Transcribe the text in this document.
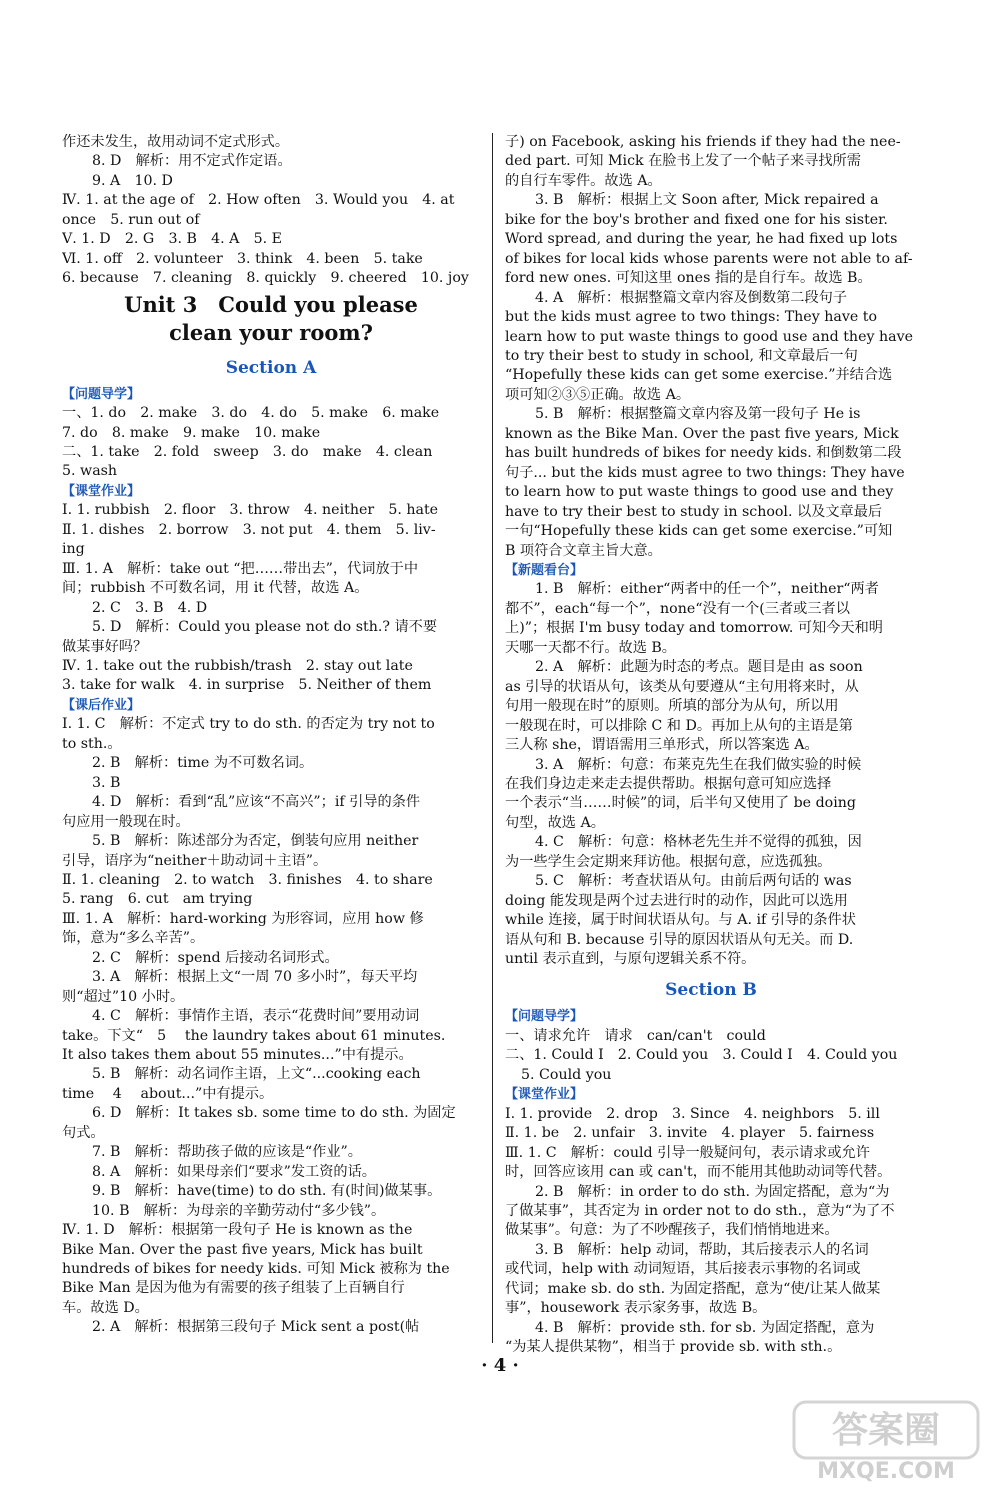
作还未发生，故用动词不定式形式。
8. D　解析：用不定式作定语。
9. A　10. D
Ⅳ. 1. at the age of　2. How often　3. Would you　4. at
once　5. run out of
Ⅴ. 1. D　2. G　3. B　4. A　5. E
Ⅵ. 1. off　2. volunteer　3. think　4. been　5. take
6. because　7. cleaning　8. quickly　9. cheered　10. joy
Unit 3　Could you please
clean your room?
Section A
【问题导学】
一、1. do　2. make　3. do　4. do　5. make　6. make
7. do　8. make　9. make　10. make
二、1. take　2. fold　sweep　3. do　make　4. clean
5. wash
【课堂作业】
Ⅰ. 1. rubbish　2. floor　3. throw　4. neither　5. hate
Ⅱ. 1. dishes　2. borrow　3. not put　4. them　5. liv-
ing
Ⅲ. 1. A　解析：take out “把……带出去”，代词放于中
间；rubbish 不可数名词，用 it 代替，故选 A。
2. C　3. B　4. D
5. D　解析：Could you please not do sth.? 请不要
做某事好吗？
Ⅳ. 1. take out the rubbish/trash　2. stay out late
3. take for walk　4. in surprise　5. Neither of them
【课后作业】
Ⅰ. 1. C　解析：不定式 try to do sth. 的否定为 try not to
to sth.。
2. B　解析：time 为不可数名词。
3. B
4. D　解析：看到“乱”应该“不高兴”；if 引导的条件
句应用一般现在时。
5. B　解析：陈述部分为否定，倒装句应用 neither
引导，语序为“neither＋助动词＋主语”。
Ⅱ. 1. cleaning　2. to watch　3. finishes　4. to share
5. rang　6. cut　am trying
Ⅲ. 1. A　解析：hard-working 为形容词，应用 how 修
饰，意为“多么辛苦”。
2. C　解析：spend 后接动名词形式。
3. A　解析：根据上文“一周 70 多小时”，每天平均
则“超过”10 小时。
4. C　解析：事情作主语，表示“花费时间”要用动词
take。下文“　5　 the laundry takes about 61 minutes.
It also takes them about 55 minutes...”中有提示。
5. B　解析：动名词作主语，上文“...cooking each
time　 4 　about...”中有提示。
6. D　解析：It takes sb. some time to do sth. 为固定
句式。
7. B　解析：帮助孩子做的应该是“作业”。
8. A　解析：如果母亲们“要求”发工资的话。
9. B　解析：have(time) to do sth. 有(时间)做某事。
10. B　解析：为母亲的辛勤劳动付“多少钱”。
Ⅳ. 1. D　解析：根据第一段句子 He is known as the
Bike Man. Over the past five years, Mick has built
hundreds of bikes for needy kids. 可知 Mick 被称为 the
Bike Man 是因为他为有需要的孩子组装了上百辆自行
车。故选 D。
2. A　解析：根据第三段句子 Mick sent a post(帖
子) on Facebook, asking his friends if they had the nee-
ded part. 可知 Mick 在脸书上发了一个帖子来寻找所需
的自行车零件。故选 A。
3. B　解析：根据上文 Soon after, Mick repaired a
bike for the boy's brother and fixed one for his sister.
Word spread, and during the year, he had fixed up lots
of bikes for local kids whose parents were not able to af-
ford new ones. 可知这里 ones 指的是自行车。故选 B。
4. A　解析：根据整篇文章内容及倒数第二段句子
but the kids must agree to two things: They have to
learn how to put waste things to good use and they have
to try their best to study in school, 和文章最后一句
“Hopefully these kids can get some exercise.”并结合选
项可知②③⑤正确。故选 A。
5. B　解析：根据整篇文章内容及第一段句子 He is
known as the Bike Man. Over the past five years, Mick
has built hundreds of bikes for needy kids. 和倒数第二段
句子... but the kids must agree to two things: They have
to learn how to put waste things to good use and they
have to try their best to study in school. 以及文章最后
一句“Hopefully these kids can get some exercise.”可知
B 项符合文章主旨大意。
【新题看台】
1. B　解析：either“两者中的任一个”，neither“两者
都不”，each“每一个”，none“没有一个(三者或三者以
上)”；根据 I'm busy today and tomorrow. 可知今天和明
天哪一天都不行。故选 B。
2. A　解析：此题为时态的考点。题目是由 as soon
as 引导的状语从句，该类从句要遵从“主句用将来时，从
句用一般现在时”的原则。所填的部分为从句，所以用
一般现在时，可以排除 C 和 D。再加上从句的主语是第
三人称 she，谓语需用三单形式，所以答案选 A。
3. A　解析：句意：布莱克先生在我们做实验的时候
在我们身边走来走去提供帮助。根据句意可知应选择
一个表示“当……时候”的词，后半句又使用了 be doing
句型，故选 A。
4. C　解析：句意：格林老先生并不觉得的孤独，因
为一些学生会定期来拜访他。根据句意，应选孤独。
5. C　解析：考查状语从句。由前后两句话的 was
doing 能发现是两个过去进行时的动作，因此可以选用
while 连接，属于时间状语从句。与 A. if 引导的条件状
语从句和 B. because 引导的原因状语从句无关。而 D.
until 表示直到，与原句逻辑关系不符。
Section B
【问题导学】
一、请求允许　请求　can/can't　could
二、1. Could I　2. Could you　3. Could I　4. Could you
5. Could you
【课堂作业】
Ⅰ. 1. provide　2. drop　3. Since　4. neighbors　5. ill
Ⅱ. 1. be　2. unfair　3. invite　4. player　5. fairness
Ⅲ. 1. C　解析：could 引导一般疑问句，表示请求或允许
时，回答应该用 can 或 can't，而不能用其他助动词等代替。
2. B　解析：in order to do sth. 为固定搭配，意为“为
了做某事”，其否定为 in order not to do sth.，意为“为了不
做某事”。句意：为了不吵醒孩子，我们悄悄地进来。
3. B　解析：help 动词，帮助，其后接表示人的名词
或代词，help with 动词短语，其后接表示事物的名词或
代词；make sb. do sth. 为固定搭配，意为“使/让某人做某
事”，housework 表示家务事，故选 B。
4. B　解析：provide sth. for sb. 为固定搭配，意为
“为某人提供某物”，相当于 provide sb. with sth.。
· 4 ·
答案圈
MXQE.COM
